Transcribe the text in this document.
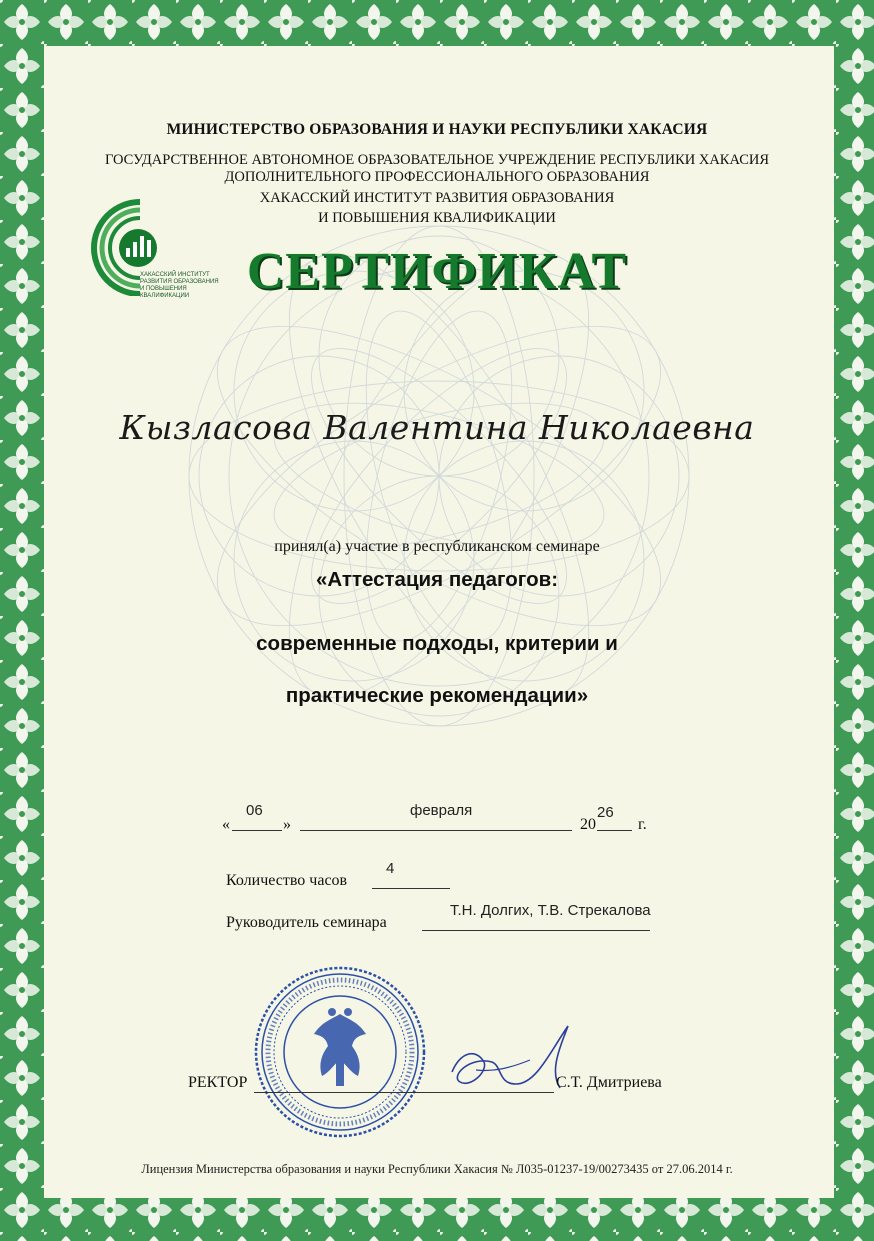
МИНИСТЕРСТВО ОБРАЗОВАНИЯ И НАУКИ РЕСПУБЛИКИ ХАКАСИЯ
ГОСУДАРСТВЕННОЕ АВТОНОМНОЕ ОБРАЗОВАТЕЛЬНОЕ УЧРЕЖДЕНИЕ РЕСПУБЛИКИ ХАКАСИЯ
ДОПОЛНИТЕЛЬНОГО ПРОФЕССИОНАЛЬНОГО ОБРАЗОВАНИЯ
ХАКАССКИЙ ИНСТИТУТ РАЗВИТИЯ ОБРАЗОВАНИЯ
И ПОВЫШЕНИЯ КВАЛИФИКАЦИИ
ХАКАССКИЙ ИНСТИТУТ
РАЗВИТИЯ ОБРАЗОВАНИЯ
И ПОВЫШЕНИЯ КВАЛИФИКАЦИИ	СЕРТИФИКАТ
Кызласова Валентина Николаевна
принял(а) участие в республиканском семинаре
«Аттестация педагогов:
современные подходы, критерии и
практические рекомендации»
«
06
»
февраля
20
26
г.
Количество часов
4
Руководитель семинара
Т.Н. Долгих, Т.В. Стрекалова
РЕКТОР	С.Т. Дмитриева
Лицензия Министерства образования и науки Республики Хакасия № Л035-01237-19/00273435 от 27.06.2014 г.
